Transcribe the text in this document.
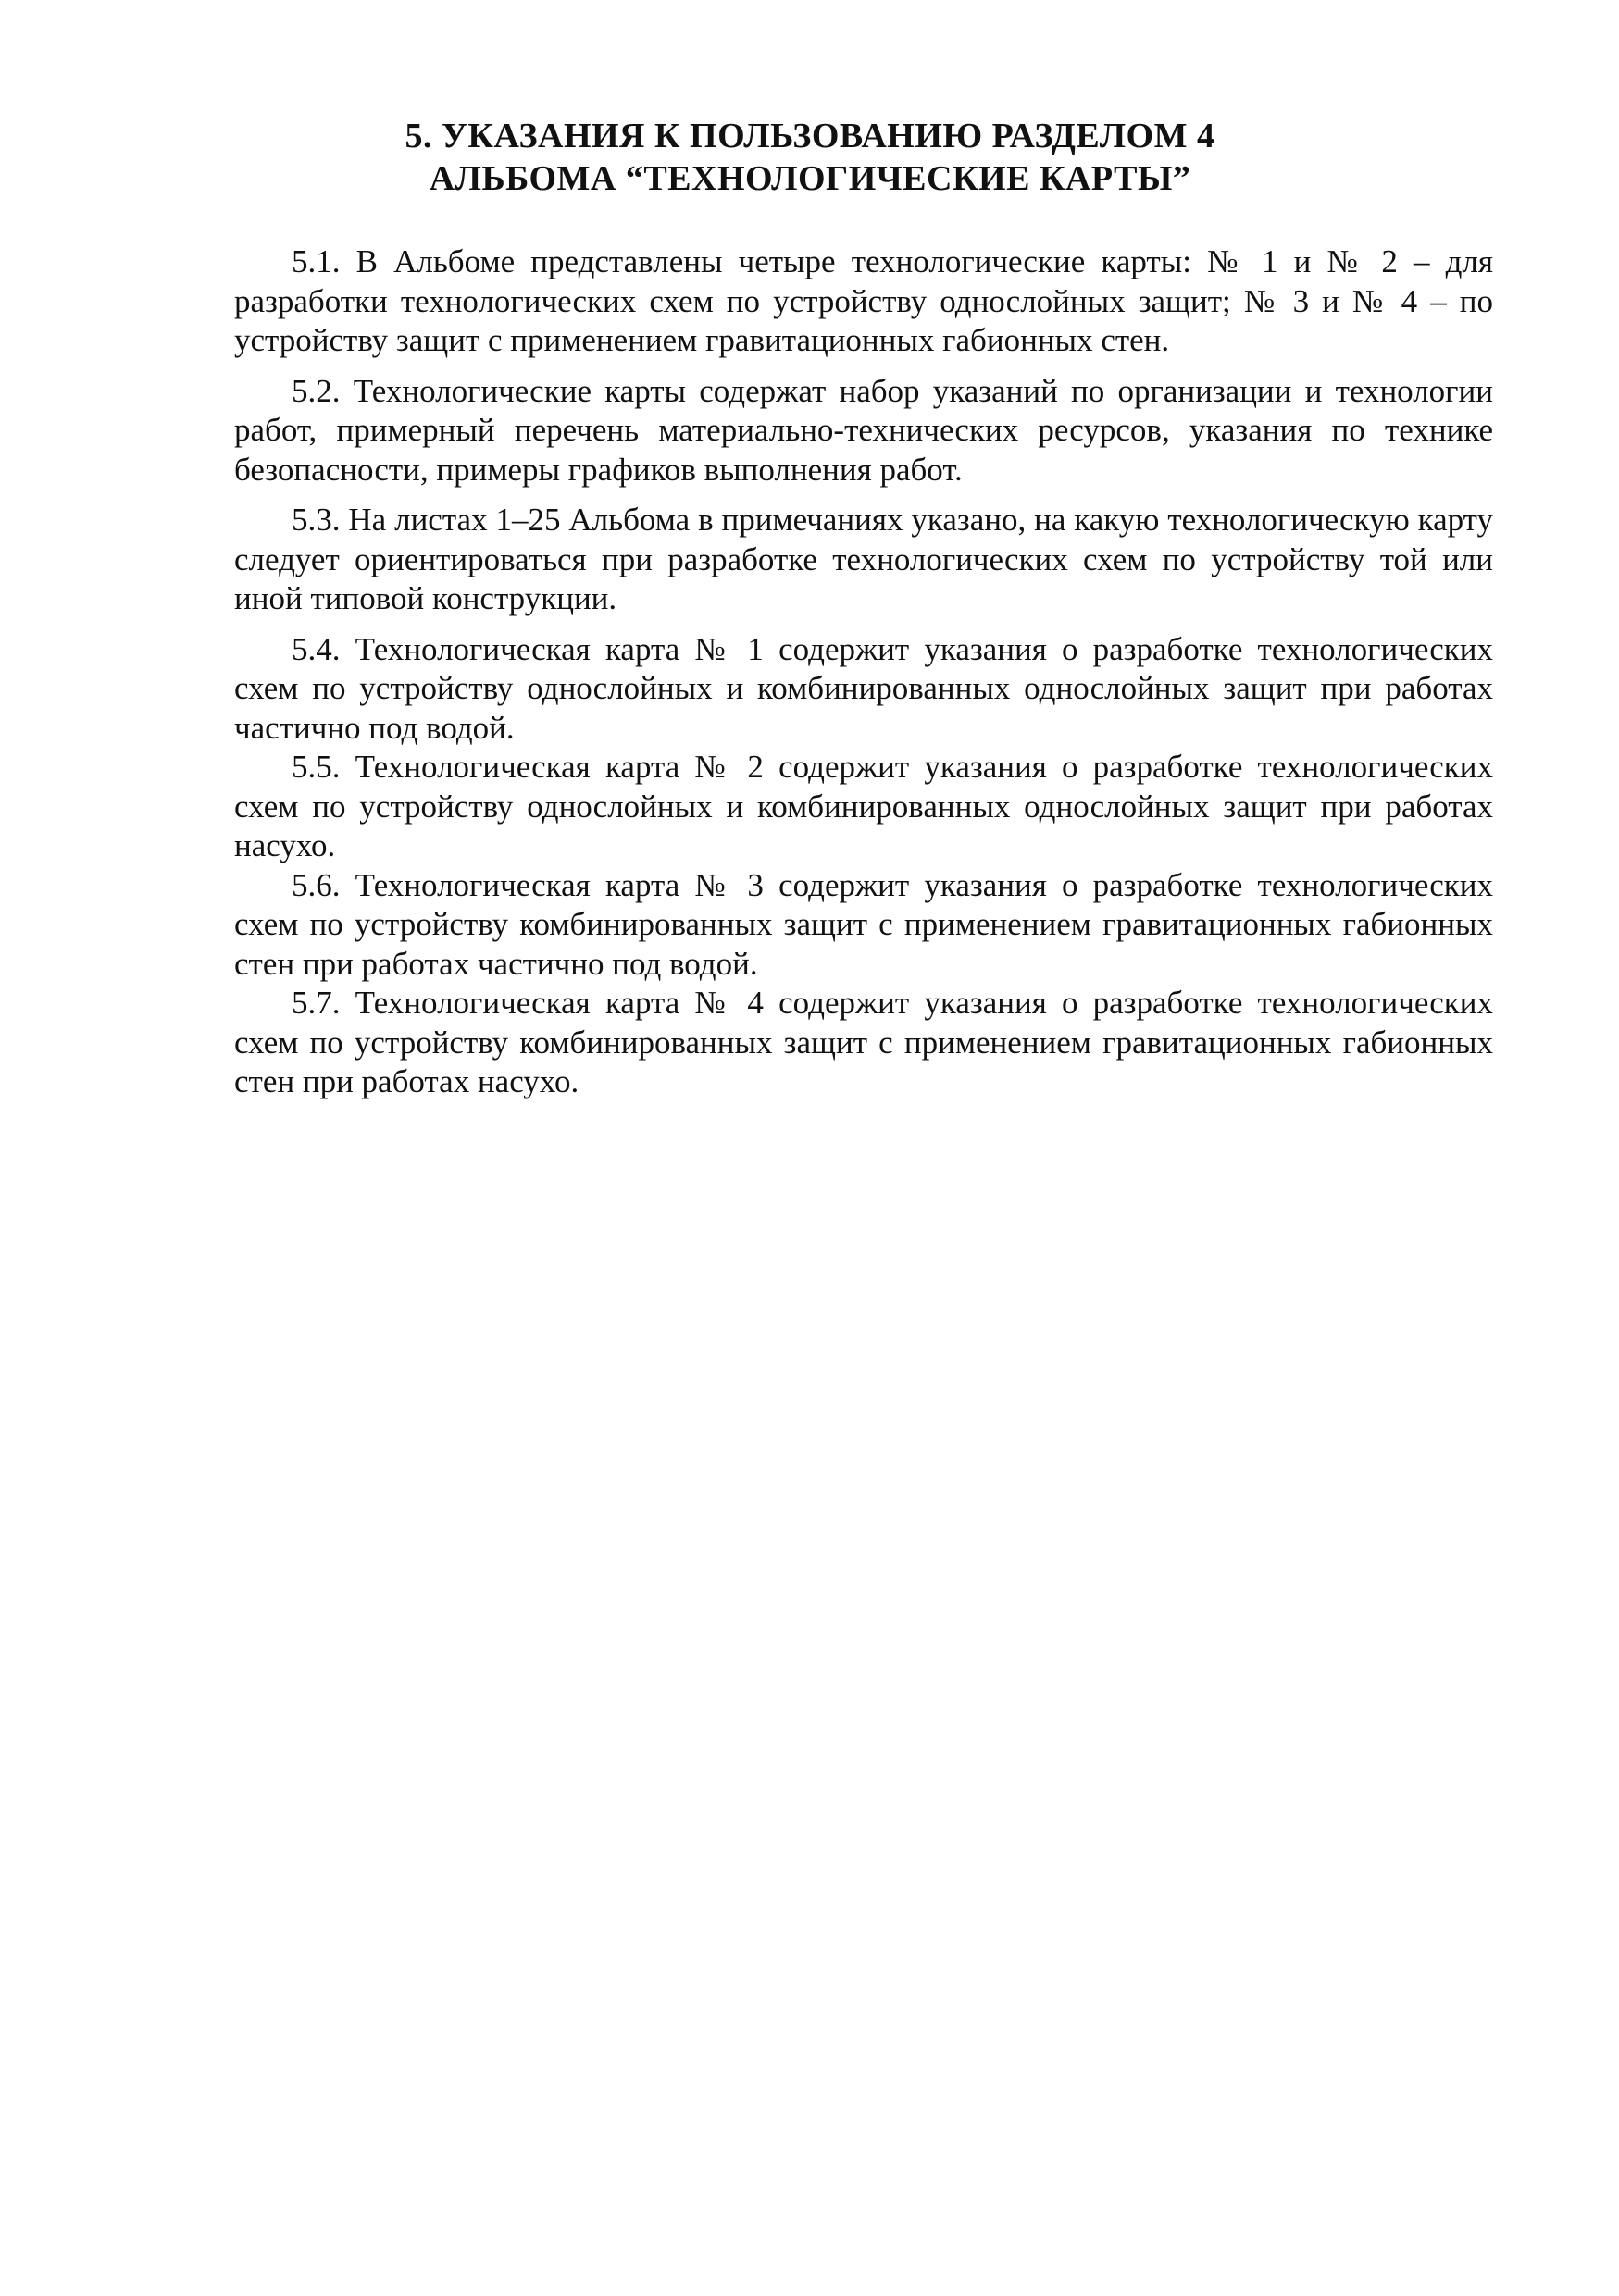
5. УКАЗАНИЯ К ПОЛЬЗОВАНИЮ РАЗДЕЛОМ 4
АЛЬБОМА “ТЕХНОЛОГИЧЕСКИЕ КАРТЫ”

5.1. В Альбоме представлены четыре технологические карты: № 1 и № 2 – для разработки технологических схем по устройству однослойных защит; № 3 и № 4 – по устройству защит с применением гравитационных габионных стен.

5.2. Технологические карты содержат набор указаний по организации и технологии работ, примерный перечень материально-технических ресурсов, указания по технике безопасности, примеры графиков выполнения работ.

5.3. На листах 1–25 Альбома в примечаниях указано, на какую технологическую карту следует ориентироваться при разработке технологических схем по устройству той или иной типовой конструкции.

5.4. Технологическая карта № 1 содержит указания о разработке технологических схем по устройству однослойных и комбинированных однослойных защит при работах частично под водой.

5.5. Технологическая карта № 2 содержит указания о разработке технологических схем по устройству однослойных и комбинированных однослойных защит при работах насухо.

5.6. Технологическая карта № 3 содержит указания о разработке технологических схем по устройству комбинированных защит с применением гравитационных габионных стен при работах частично под водой.

5.7. Технологическая карта № 4 содержит указания о разработке технологических схем по устройству комбинированных защит с применением гравитационных габионных стен при работах насухо.
